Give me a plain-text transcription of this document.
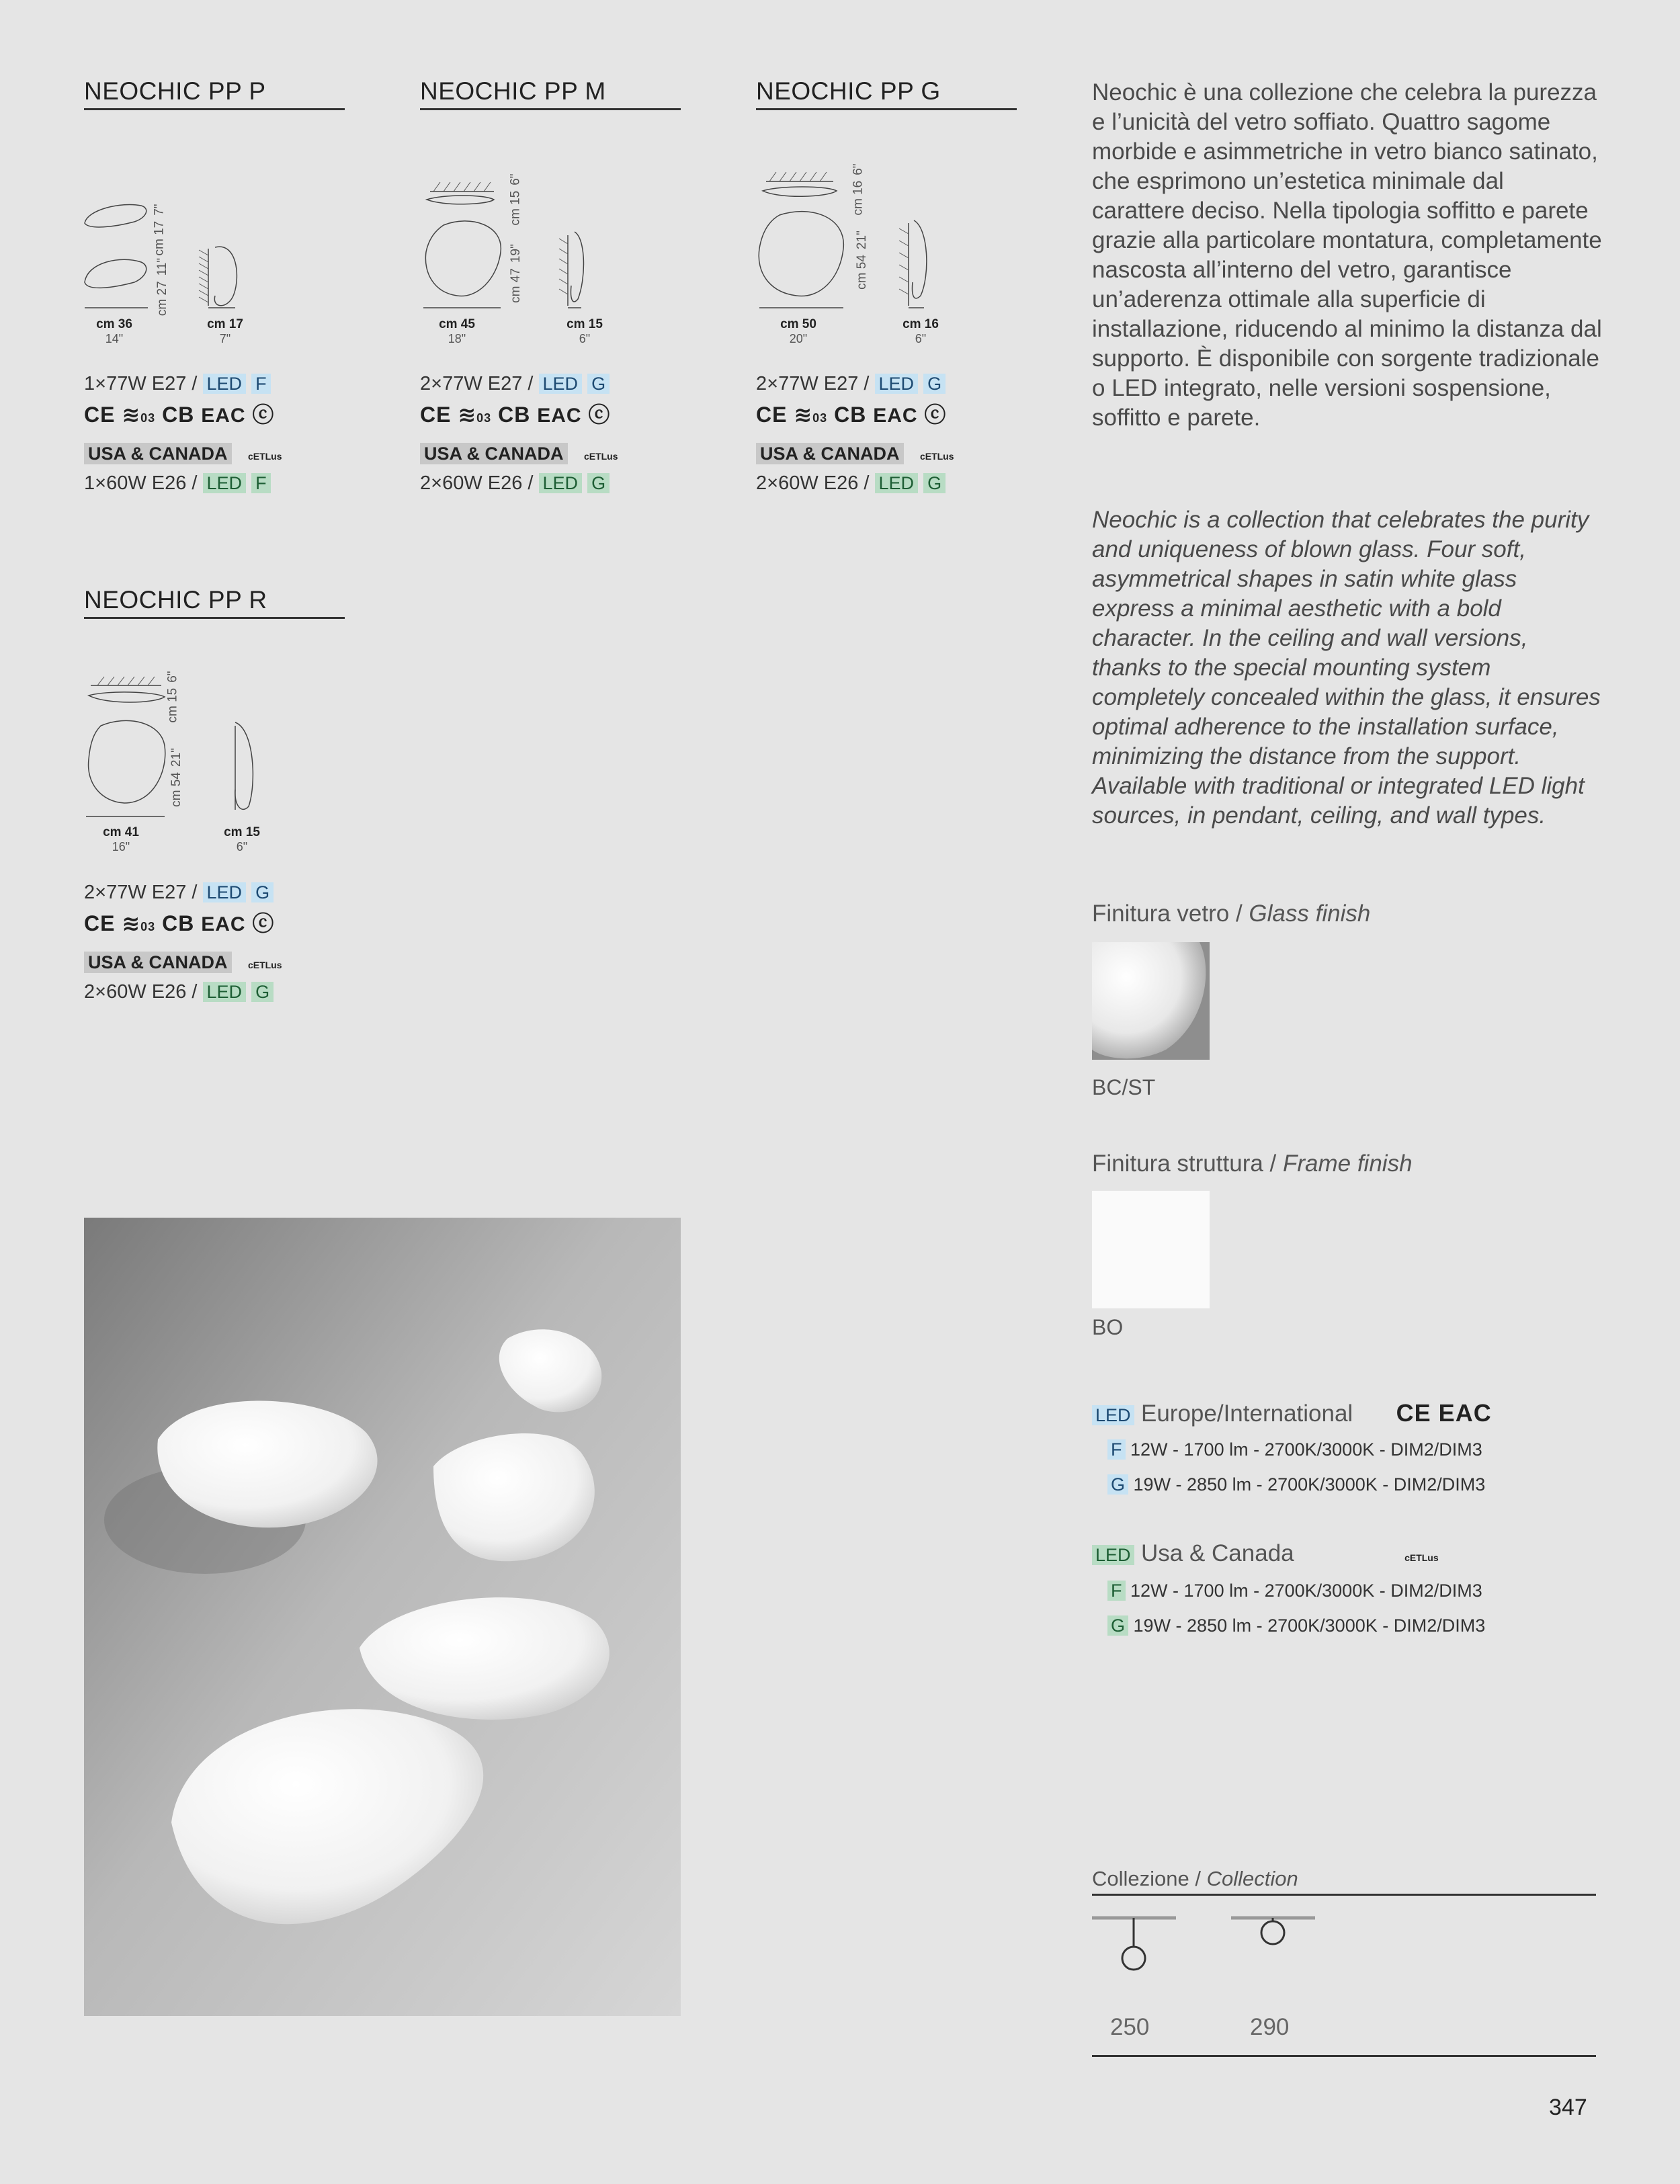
NEOCHIC PP P
cm 177"
cm 2711"
cm 36
14"
cm 17
7"
1×77W E27 / LED F
CE ≋03 CB EAC ⓒ
USA & CANADA cETLus
1×60W E26 / LED F
NEOCHIC PP M
cm 156"
cm 4719"
cm 45
18"
cm 15
6"
2×77W E27 / LED G
CE ≋03 CB EAC ⓒ
USA & CANADA cETLus
2×60W E26 / LED G
NEOCHIC PP G
cm 166"
cm 5421"
cm 50
20"
cm 16
6"
2×77W E27 / LED G
CE ≋03 CB EAC ⓒ
USA & CANADA cETLus
2×60W E26 / LED G
NEOCHIC PP R
cm 156"
cm 5421"
cm 41
16"
cm 15
6"
2×77W E27 / LED G
CE ≋03 CB EAC ⓒ
USA & CANADA cETLus
2×60W E26 / LED G
Neochic è una collezione che celebra la purezza e l’unicità del vetro soffiato. Quattro sagome morbide e asimmetriche in vetro bianco satinato, che esprimono un’estetica minimale dal carattere deciso. Nella tipologia soffitto e parete grazie alla particolare montatura, completamente nascosta all’interno del vetro, garantisce un’aderenza ottimale alla superficie di installazione, riducendo al minimo la distanza dal supporto. È disponibile con sorgente tradizionale o LED integrato, nelle versioni sospensione, soffitto e parete.
Neochic is a collection that celebrates the purity and uniqueness of blown glass. Four soft, asymmetrical shapes in satin white glass express a minimal aesthetic with a bold character. In the ceiling and wall versions, thanks to the special mounting system completely concealed within the glass, it ensures optimal adherence to the installation surface, minimizing the distance from the support. Available with traditional or integrated LED light sources, in pendant, ceiling, and wall types.
Finitura vetro / Glass finish
BC/ST
Finitura struttura / Frame finish
BO
LED Europe/International CE EAC
F 12W - 1700 lm - 2700K/3000K - DIM2/DIM3
G 19W - 2850 lm - 2700K/3000K - DIM2/DIM3
LED Usa & Canada	cETLus
F 12W - 1700 lm - 2700K/3000K - DIM2/DIM3
G 19W - 2850 lm - 2700K/3000K - DIM2/DIM3
Collezione / Collection
250	290
347
